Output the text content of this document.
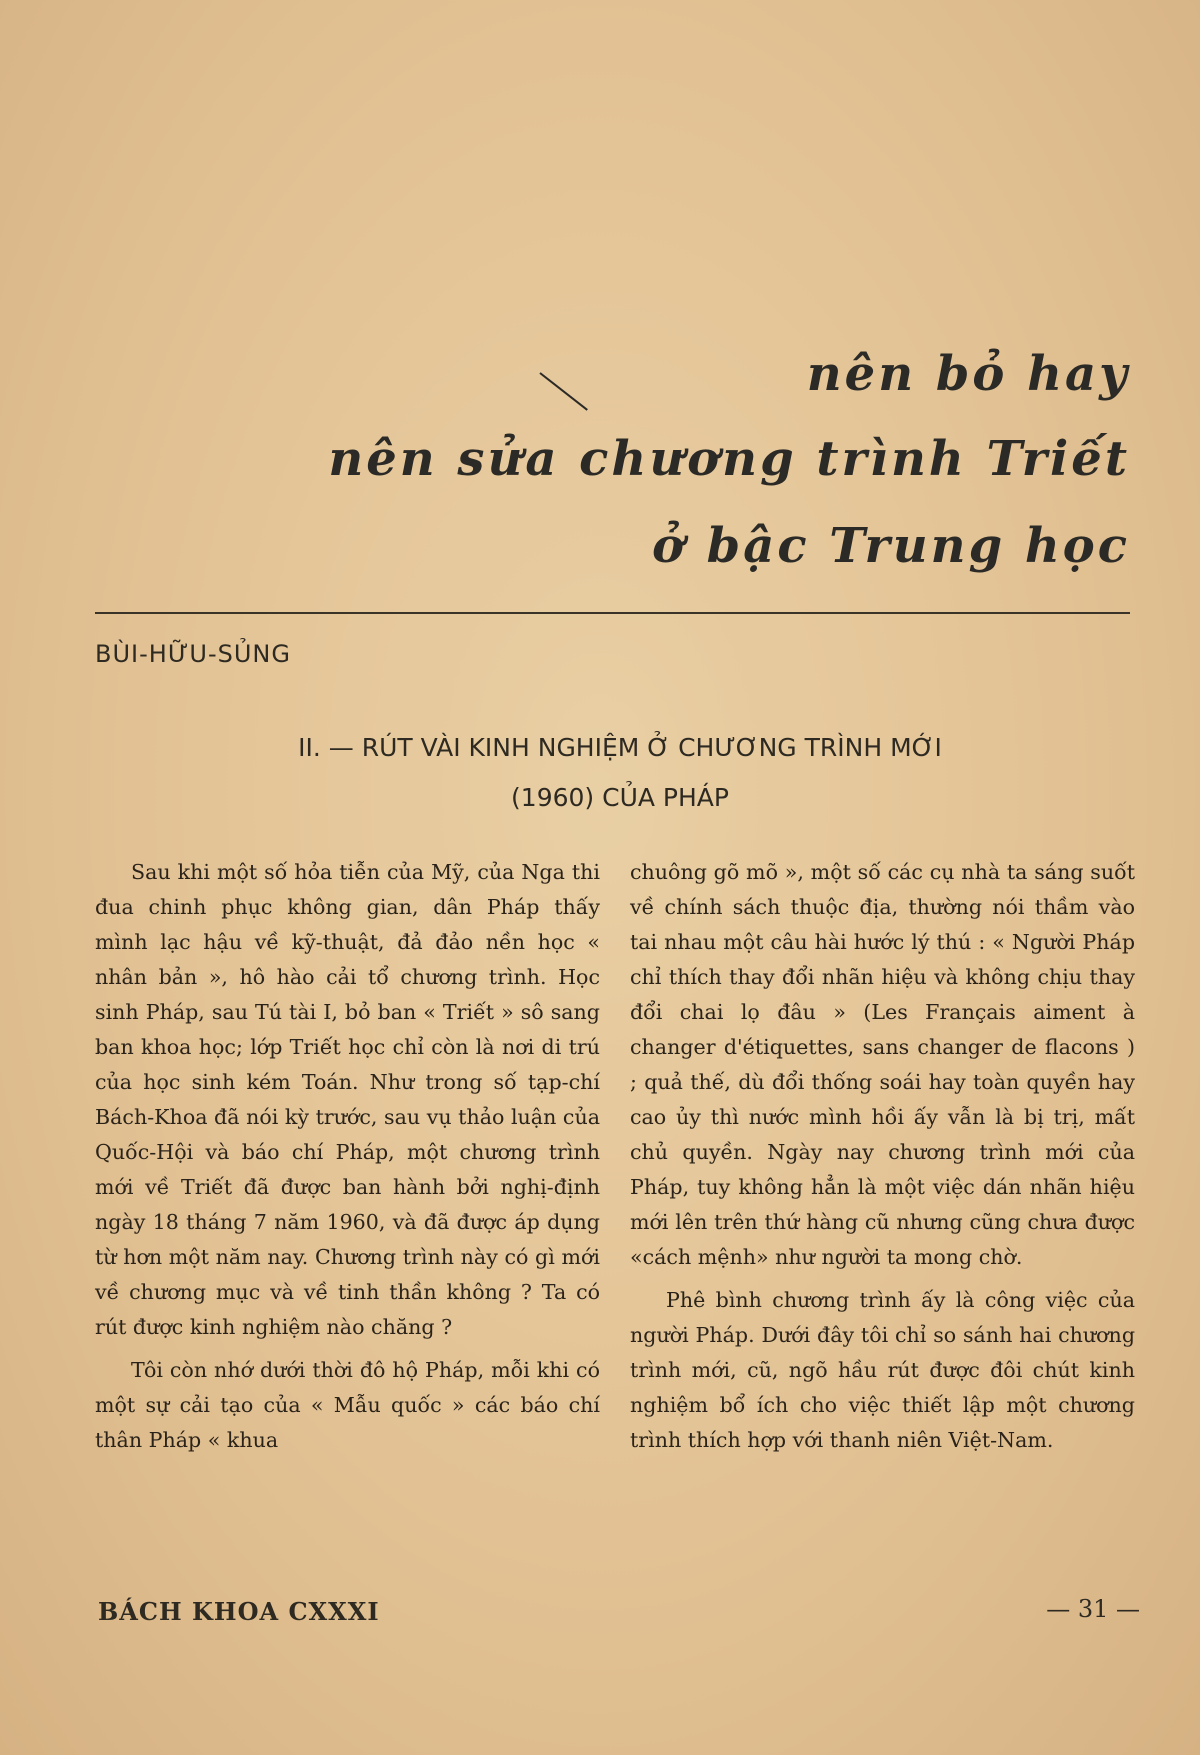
nên bỏ hay
nên sửa chương trình Triết
ở bậc Trung học
BÙI-HỮU-SỦNG
II. — RÚT VÀI KINH NGHIỆM Ở CHƯƠNG TRÌNH MỚI
(1960) CỦA PHÁP

Sau khi một số hỏa tiễn của Mỹ, của Nga thi đua chinh phục không gian, dân Pháp thấy mình lạc hậu về kỹ-thuật, đả đảo nền học « nhân bản », hô hào cải tổ chương trình. Học sinh Pháp, sau Tú tài I, bỏ ban « Triết » sô sang ban khoa học; lớp Triết học chỉ còn là nơi di trú của học sinh kém Toán. Như trong số tạp-chí Bách-Khoa đã nói kỳ trước, sau vụ thảo luận của Quốc-Hội và báo chí Pháp, một chương trình mới về Triết đã được ban hành bởi nghị-định ngày 18 tháng 7 năm 1960, và đã được áp dụng từ hơn một năm nay. Chương trình này có gì mới về chương mục và về tinh thần không ? Ta có rút được kinh nghiệm nào chăng ?

Tôi còn nhớ dưới thời đô hộ Pháp, mỗi khi có một sự cải tạo của « Mẫu quốc » các báo chí thân Pháp « khua

chuông gõ mõ », một số các cụ nhà ta sáng suốt về chính sách thuộc địa, thường nói thầm vào tai nhau một câu hài hước lý thú : « Người Pháp chỉ thích thay đổi nhãn hiệu và không chịu thay đổi chai lọ đâu » (Les Français aiment à changer d'étiquettes, sans changer de flacons ) ; quả thế, dù đổi thống soái hay toàn quyền hay cao ủy thì nước mình hồi ấy vẫn là bị trị, mất chủ quyền. Ngày nay chương trình mới của Pháp, tuy không hẳn là một việc dán nhãn hiệu mới lên trên thứ hàng cũ nhưng cũng chưa được «cách mệnh» như người ta mong chờ.

Phê bình chương trình ấy là công việc của người Pháp. Dưới đây tôi chỉ so sánh hai chương trình mới, cũ, ngõ hầu rút được đôi chút kinh nghiệm bổ ích cho việc thiết lập một chương trình thích hợp với thanh niên Việt-Nam.

BÁCH KHOA CXXXI	— 31 —
